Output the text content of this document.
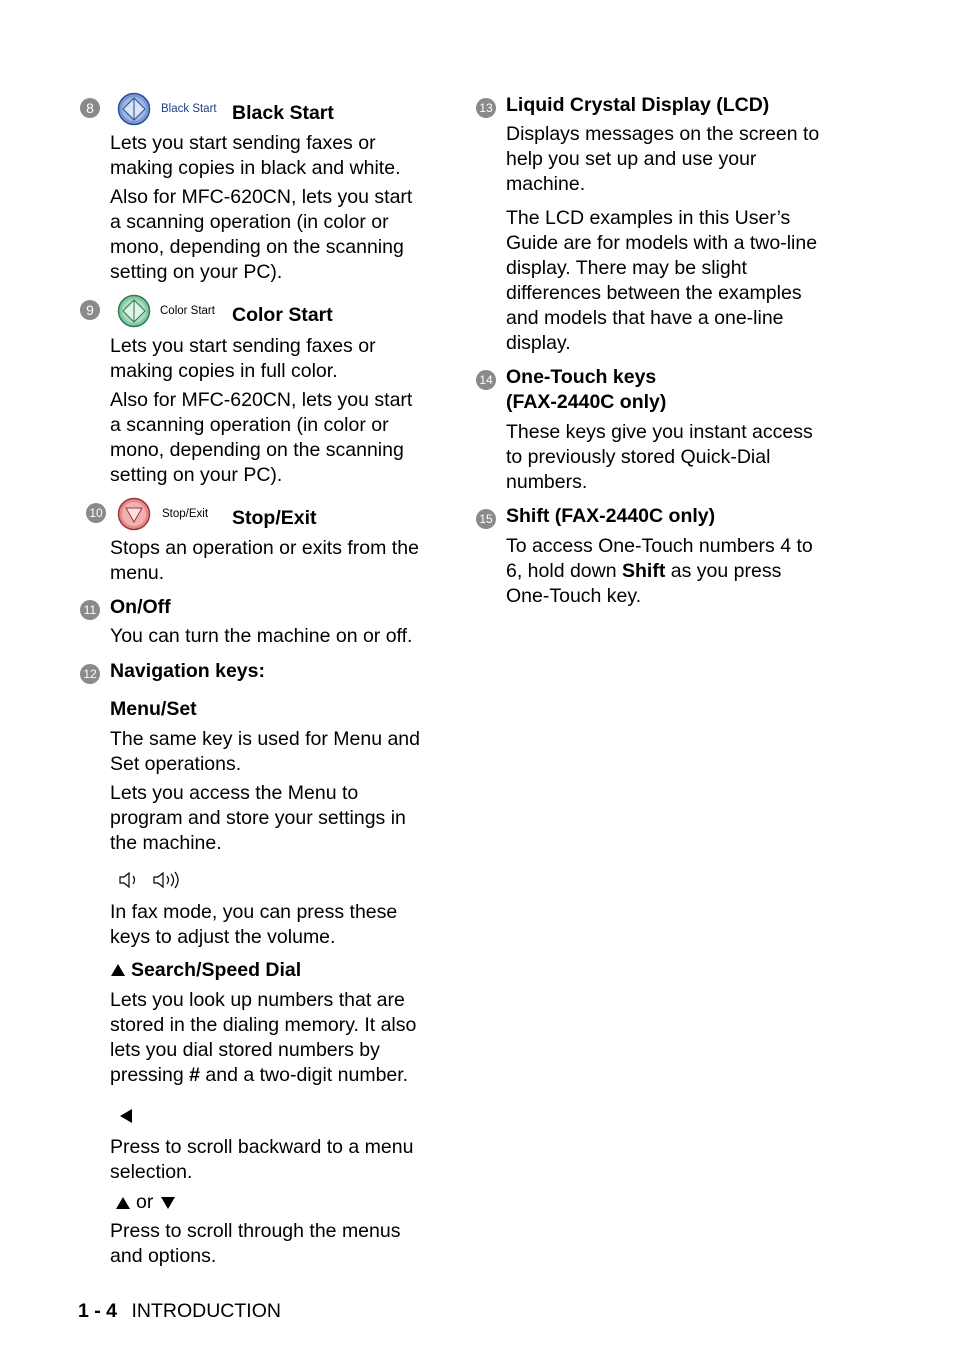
8	Black Start Black Start
Lets you start sending faxes or
making copies in black and white.
Also for MFC-620CN, lets you start
a scanning operation (in color or
mono, depending on the scanning
setting on your PC).
9	Color Start Color Start
Lets you start sending faxes or
making copies in full color.
Also for MFC-620CN, lets you start
a scanning operation (in color or
mono, depending on the scanning
setting on your PC).
10	Stop/Exit Stop/Exit
Stops an operation or exits from the
menu.
11 On/Off
You can turn the machine on or off.
12 Navigation keys:
Menu/Set
The same key is used for Menu and
Set operations.
Lets you access the Menu to
program and store your settings in
the machine.
In fax mode, you can press these
keys to adjust the volume.
Search/Speed Dial
Lets you look up numbers that are
stored in the dialing memory. It also
lets you dial stored numbers by
pressing # and a two-digit number.
Press to scroll backward to a menu
selection.
or
Press to scroll through the menus
and options.
13 Liquid Crystal Display (LCD)
Displays messages on the screen to
help you set up and use your
machine.
The LCD examples in this User’s
Guide are for models with a two-line
display. There may be slight
differences between the examples
and models that have a one-line
display.
14 One-Touch keys
(FAX-2440C only)
These keys give you instant access
to previously stored Quick-Dial
numbers.
15 Shift (FAX-2440C only)
To access One-Touch numbers 4 to
6, hold down Shift as you press
One-Touch key.
1 - 4 INTRODUCTION
